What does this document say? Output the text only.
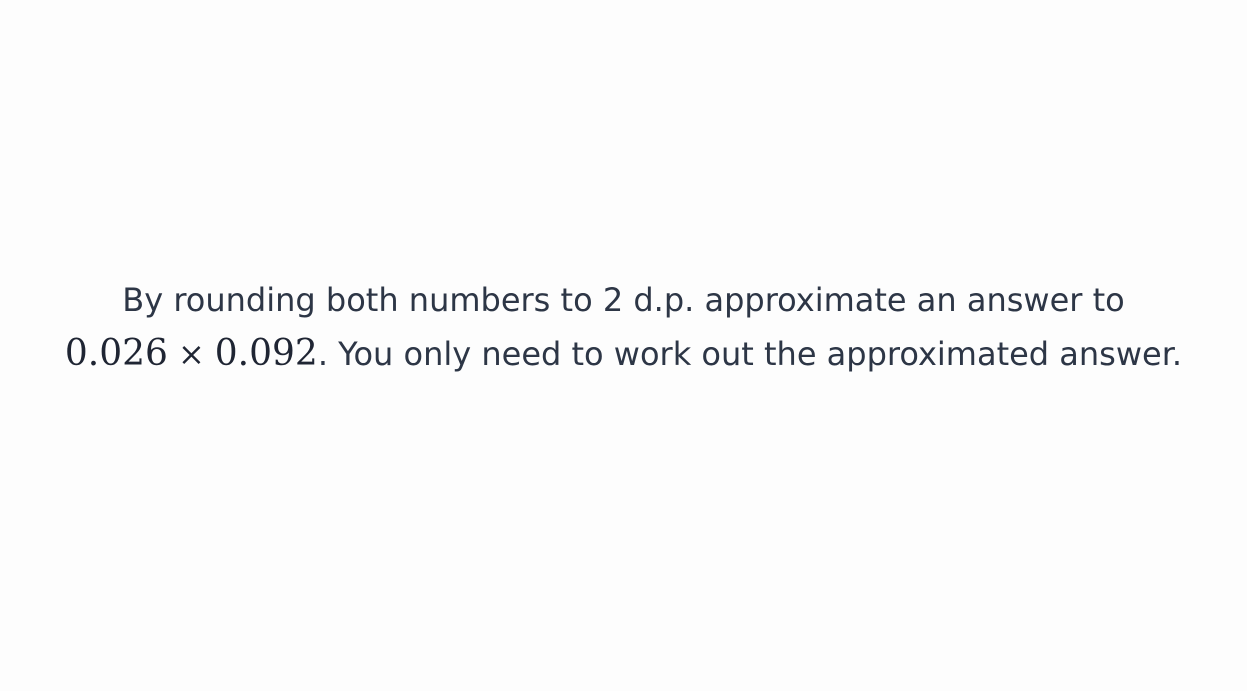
By rounding both numbers to 2 d.p. approximate an answer to
0.026 × 0.092. You only need to work out the approximated answer.
